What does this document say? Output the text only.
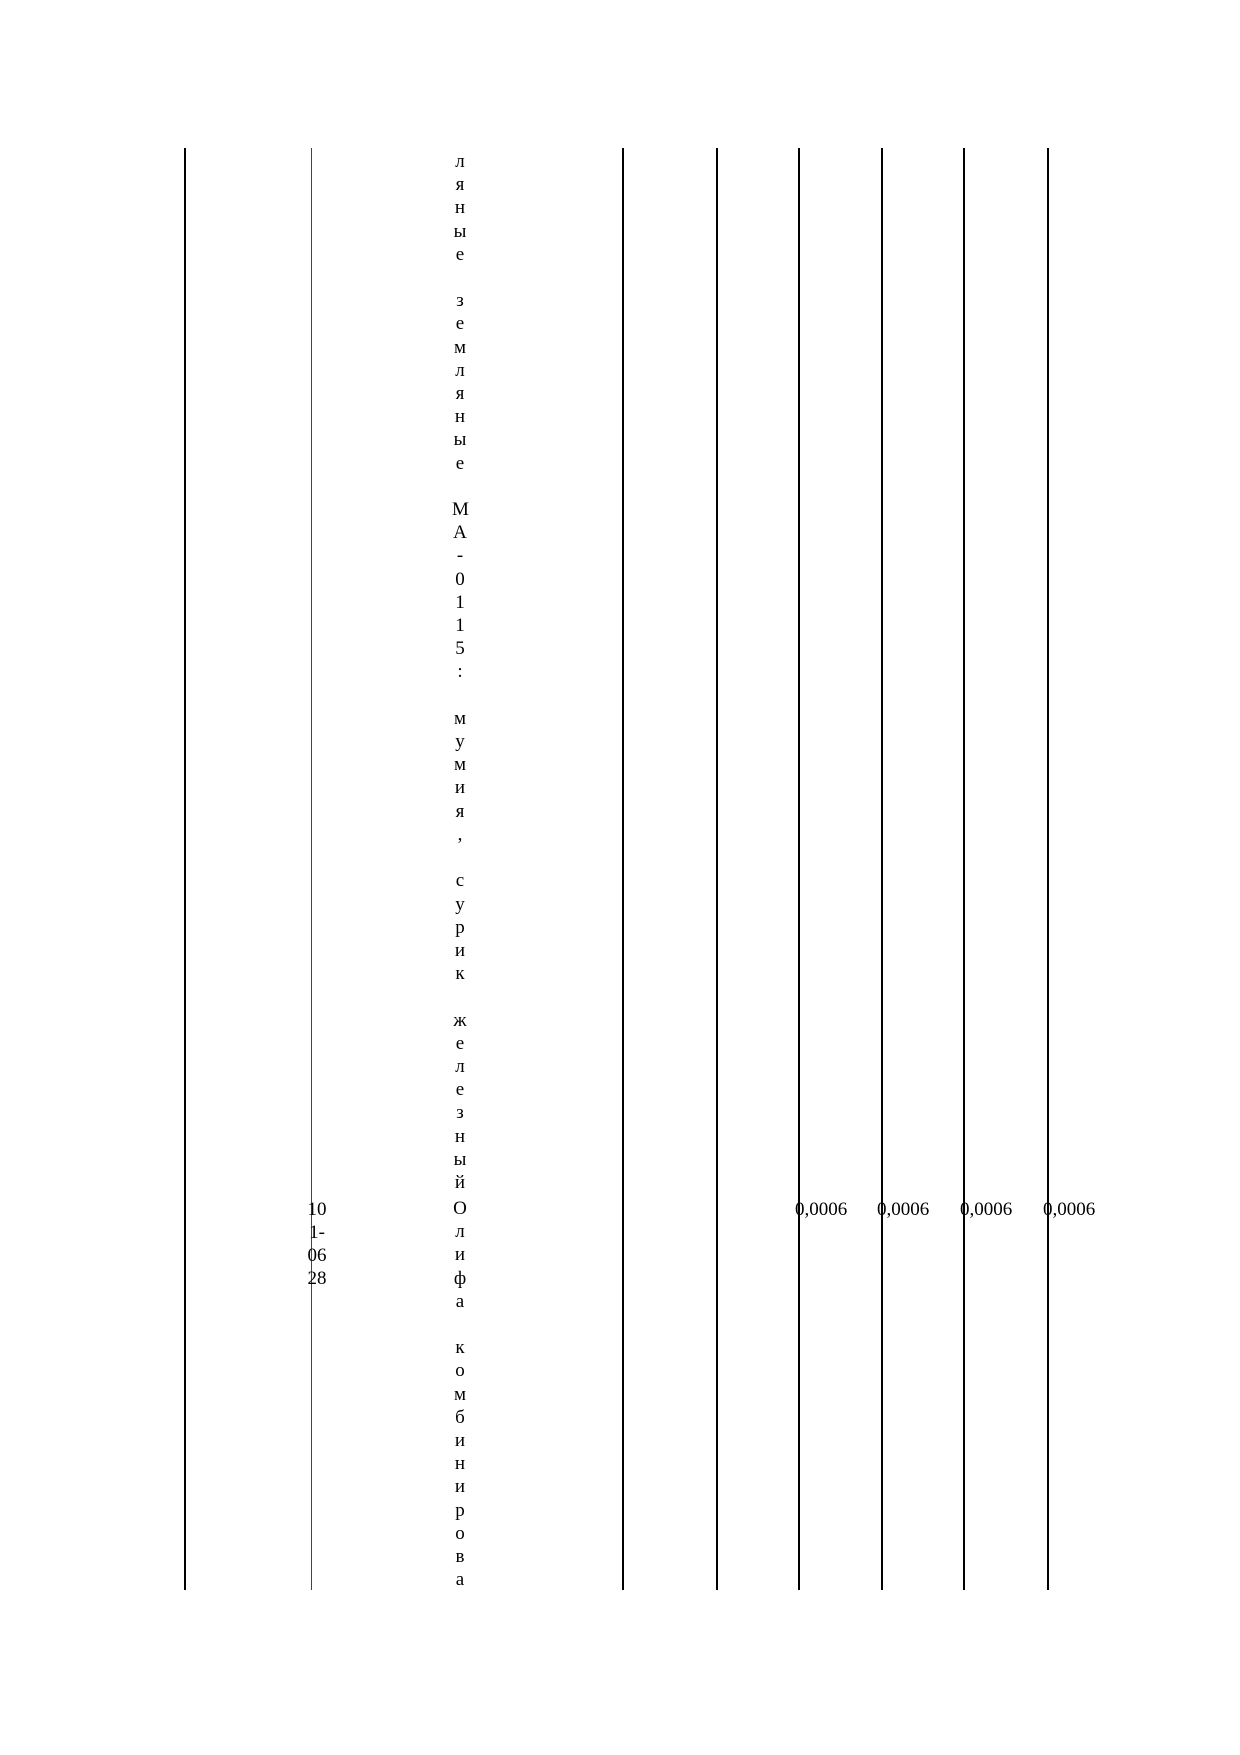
л
я
н
ы
е

з
е
м
л
я
н
ы
е

М
А
-
0
1
1
5
:

м
у
м
и
я
,

с
у
р
и
к

ж
е
л
е
з
н
ы
й
10
1-
06
28
О
л
и
ф
а

к
о
м
б
и
н
и
р
о
в
а
0,0006 0,0006 0,0006 0,0006
